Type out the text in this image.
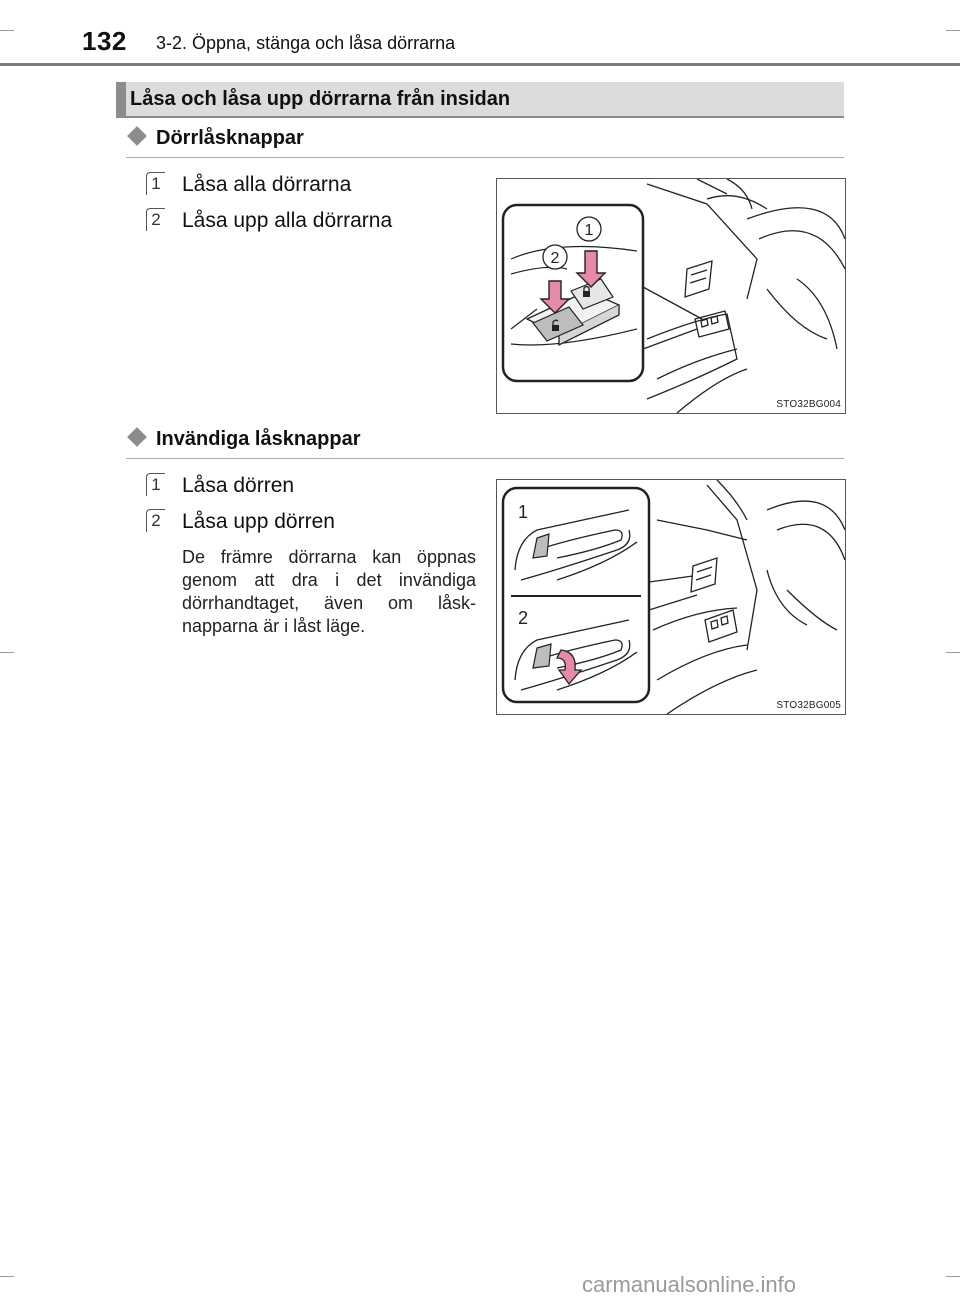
132 3-2. Öppna, stänga och låsa dörrarna
Låsa och låsa upp dörrarna från insidan
Dörrlåsknappar
1 Låsa alla dörrarna
2 Låsa upp alla dörrarna	1
2
STO32BG004
Invändiga låsknappar
1 Låsa dörren
2 Låsa upp dörren
De främre dörrarna kan öppnas genom att dra i det invändiga dörrhandtaget, även om låsk-napparna är i låst läge.
1
2
STO32BG005
carmanualsonline.info
